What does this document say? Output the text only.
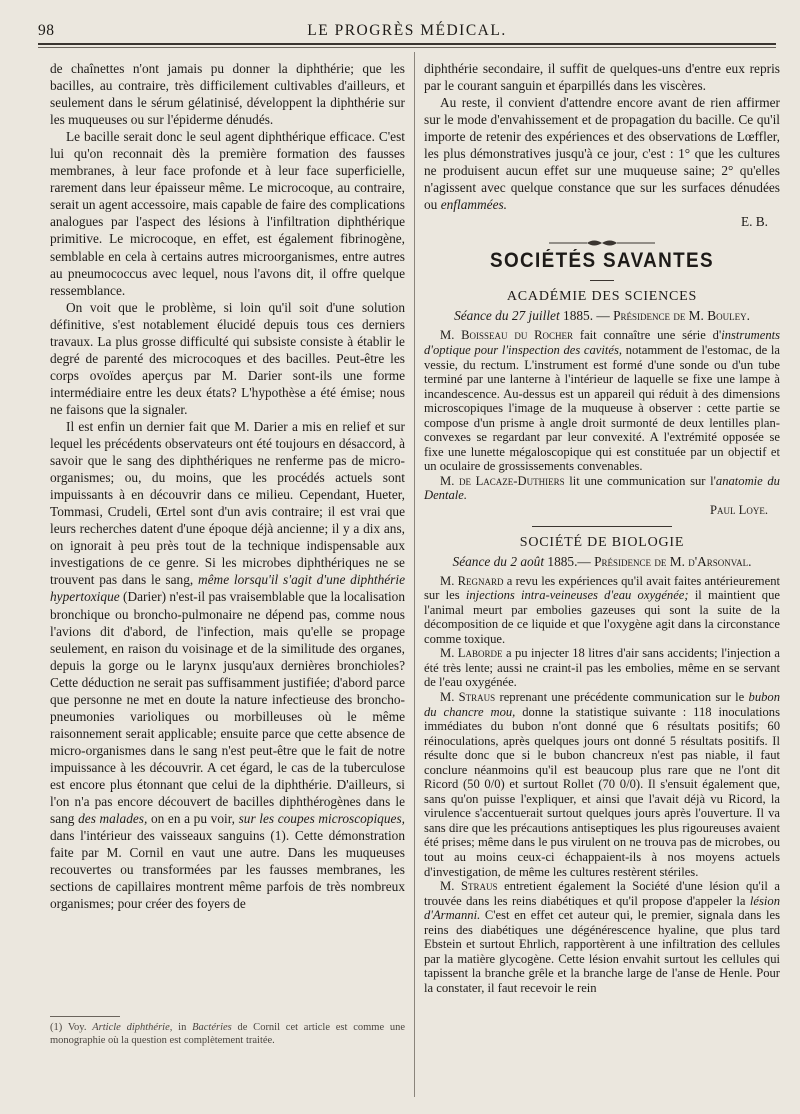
98	LE PROGRÈS MÉDICAL.

de chaînettes n'ont jamais pu donner la diphthérie; que les bacilles, au contraire, très difficilement cultivables d'ailleurs, et seulement dans le sérum gélatinisé, développent la diphthérie sur les muqueuses ou sur l'épiderme dénudés.

Le bacille serait donc le seul agent diphthérique efficace. C'est lui qu'on reconnait dès la première formation des fausses membranes, à leur face profonde et à leur face superficielle, rarement dans leur épaisseur même. Le microcoque, au contraire, serait un agent accessoire, mais capable de faire des complications analogues par l'aspect des lésions à l'infiltration diphthérique primitive. Le microcoque, en effet, est également fibrinogène, semblable en cela à certains autres microorganismes, entre autres au pneumococcus avec lequel, nous l'avons dit, il offre quelque ressemblance.

On voit que le problème, si loin qu'il soit d'une solution définitive, s'est notablement élucidé depuis tous ces derniers travaux. La plus grosse difficulté qui subsiste consiste à établir le degré de parenté des microcoques et des bacilles. Peut-être les corps ovoïdes aperçus par M. Darier sont-ils une forme intermédiaire entre les deux états? L'hypothèse a été émise; nous ne faisons que la signaler.

Il est enfin un dernier fait que M. Darier a mis en relief et sur lequel les précédents observateurs ont été toujours en désaccord, à savoir que le sang des diphthériques ne renferme pas de micro-organismes; ou, du moins, que les procédés actuels sont impuissants à en découvrir dans ce milieu. Cependant, Hueter, Tommasi, Crudeli, Œrtel sont d'un avis contraire; il est vrai que leurs recherches datent d'une époque déjà ancienne; il y a dix ans, on ignorait à peu près tout de la technique indispensable aux investigations de ce genre. Si les microbes diphthériques ne se trouvent pas dans le sang, même lorsqu'il s'agit d'une diphthérie hypertoxique (Darier) n'est-il pas vraisemblable que la localisation bronchique ou broncho-pulmonaire ne dépend pas, comme nous l'avions dit d'abord, de l'infection, mais qu'elle se propage seulement, en raison du voisinage et de la similitude des organes, depuis la gorge ou le larynx jusqu'aux dernières bronchioles? Cette déduction ne serait pas suffisamment justifiée; d'abord parce que personne ne met en doute la nature infectieuse des broncho-pneumonies varioliques ou morbilleuses où le même raisonnement serait applicable; ensuite parce que cette absence de micro-organismes dans le sang n'est peut-être que le fait de notre impuissance à les découvrir. A cet égard, le cas de la tuberculose est encore plus étonnant que celui de la diphthérie. D'ailleurs, si l'on n'a pas encore découvert de bacilles diphthérogènes dans le sang des malades, on en a pu voir, sur les coupes microscopiques, dans l'intérieur des vaisseaux sanguins (1). Cette démonstration faite par M. Cornil en vaut une autre. Dans les muqueuses recouvertes ou transformées par les fausses membranes, les sections de capillaires montrent même parfois de très nombreux organismes; pour créer des foyers de

(1) Voy. Article diphthérie, in Bactéries de Cornil cet article est comme une monographie où la question est complètement traitée.

diphthérie secondaire, il suffit de quelques-uns d'entre eux repris par le courant sanguin et éparpillés dans les viscères.

Au reste, il convient d'attendre encore avant de rien affirmer sur le mode d'envahissement et de propagation du bacille. Ce qu'il importe de retenir des expériences et des observations de Lœffler, les plus démonstratives jusqu'à ce jour, c'est : 1° que les cultures ne produisent aucun effet sur une muqueuse saine; 2° qu'elles n'agissent avec quelque constance que sur les surfaces dénudées ou enflammées.

E. B.
SOCIÉTÉS SAVANTES
ACADÉMIE DES SCIENCES
Séance du 27 juillet 1885. — Présidence de M. Bouley.

M. Boisseau du Rocher fait connaître une série d'instruments d'optique pour l'inspection des cavités, notamment de l'estomac, de la vessie, du rectum. L'instrument est formé d'une sonde ou d'un tube terminé par une lanterne à l'intérieur de laquelle se fixe une lampe à incandescence. Au-dessus est un appareil qui réduit à des dimensions microscopiques l'image de la muqueuse à observer : cette partie se compose d'un prisme à angle droit surmonté de deux lentilles plan-convexes se regardant par leur convexité. A l'extrémité opposée se fixe une lunette mégaloscopique qui est constituée par un objectif et un oculaire de grossissements convenables.

M. de Lacaze-Duthiers lit une communication sur l'anatomie du Dentale.

Paul Loye.
SOCIÉTÉ DE BIOLOGIE
Séance du 2 août 1885.— Présidence de M. d'Arsonval.

M. Regnard a revu les expériences qu'il avait faites antérieurement sur les injections intra-veineuses d'eau oxygénée; il maintient que l'animal meurt par embolies gazeuses qui sont la suite de la décomposition de ce liquide et que l'oxygène agit dans la circonstance comme toxique.

M. Laborde a pu injecter 18 litres d'air sans accidents; l'injection a été très lente; aussi ne craint-il pas les embolies, même en se servant de l'eau oxygénée.

M. Straus reprenant une précédente communication sur le bubon du chancre mou, donne la statistique suivante : 118 inoculations immédiates du bubon n'ont donné que 6 résultats positifs; 60 réinoculations, après quelques jours ont donné 5 résultats positifs. Il résulte donc que si le bubon chancreux n'est pas niable, il faut conclure néanmoins qu'il est beaucoup plus rare que ne l'ont dit Ricord (50 0/0) et surtout Rollet (70 0/0). Il s'ensuit également que, sans qu'on puisse l'expliquer, et ainsi que l'avait déjà vu Ricord, la virulence s'accentuerait surtout quelques jours après l'ouverture. Il va sans dire que les précautions antiseptiques les plus rigoureuses avaient été prises; même dans le pus virulent on ne trouva pas de microbes, ou tout au moins ceux-ci échappaient-ils à nos moyens actuels d'investigation, de même les cultures restèrent stériles.

M. Straus entretient également la Société d'une lésion qu'il a trouvée dans les reins diabétiques et qu'il propose d'appeler la lésion d'Armanni. C'est en effet cet auteur qui, le premier, signala dans les reins des diabétiques une dégénérescence hyaline, que plus tard Ebstein et surtout Ehrlich, rapportèrent à une infiltration des cellules par la matière glycogène. Cette lésion envahit surtout les cellules qui tapissent la branche grêle et la branche large de l'anse de Henle. Pour la constater, il faut recevoir le rein
